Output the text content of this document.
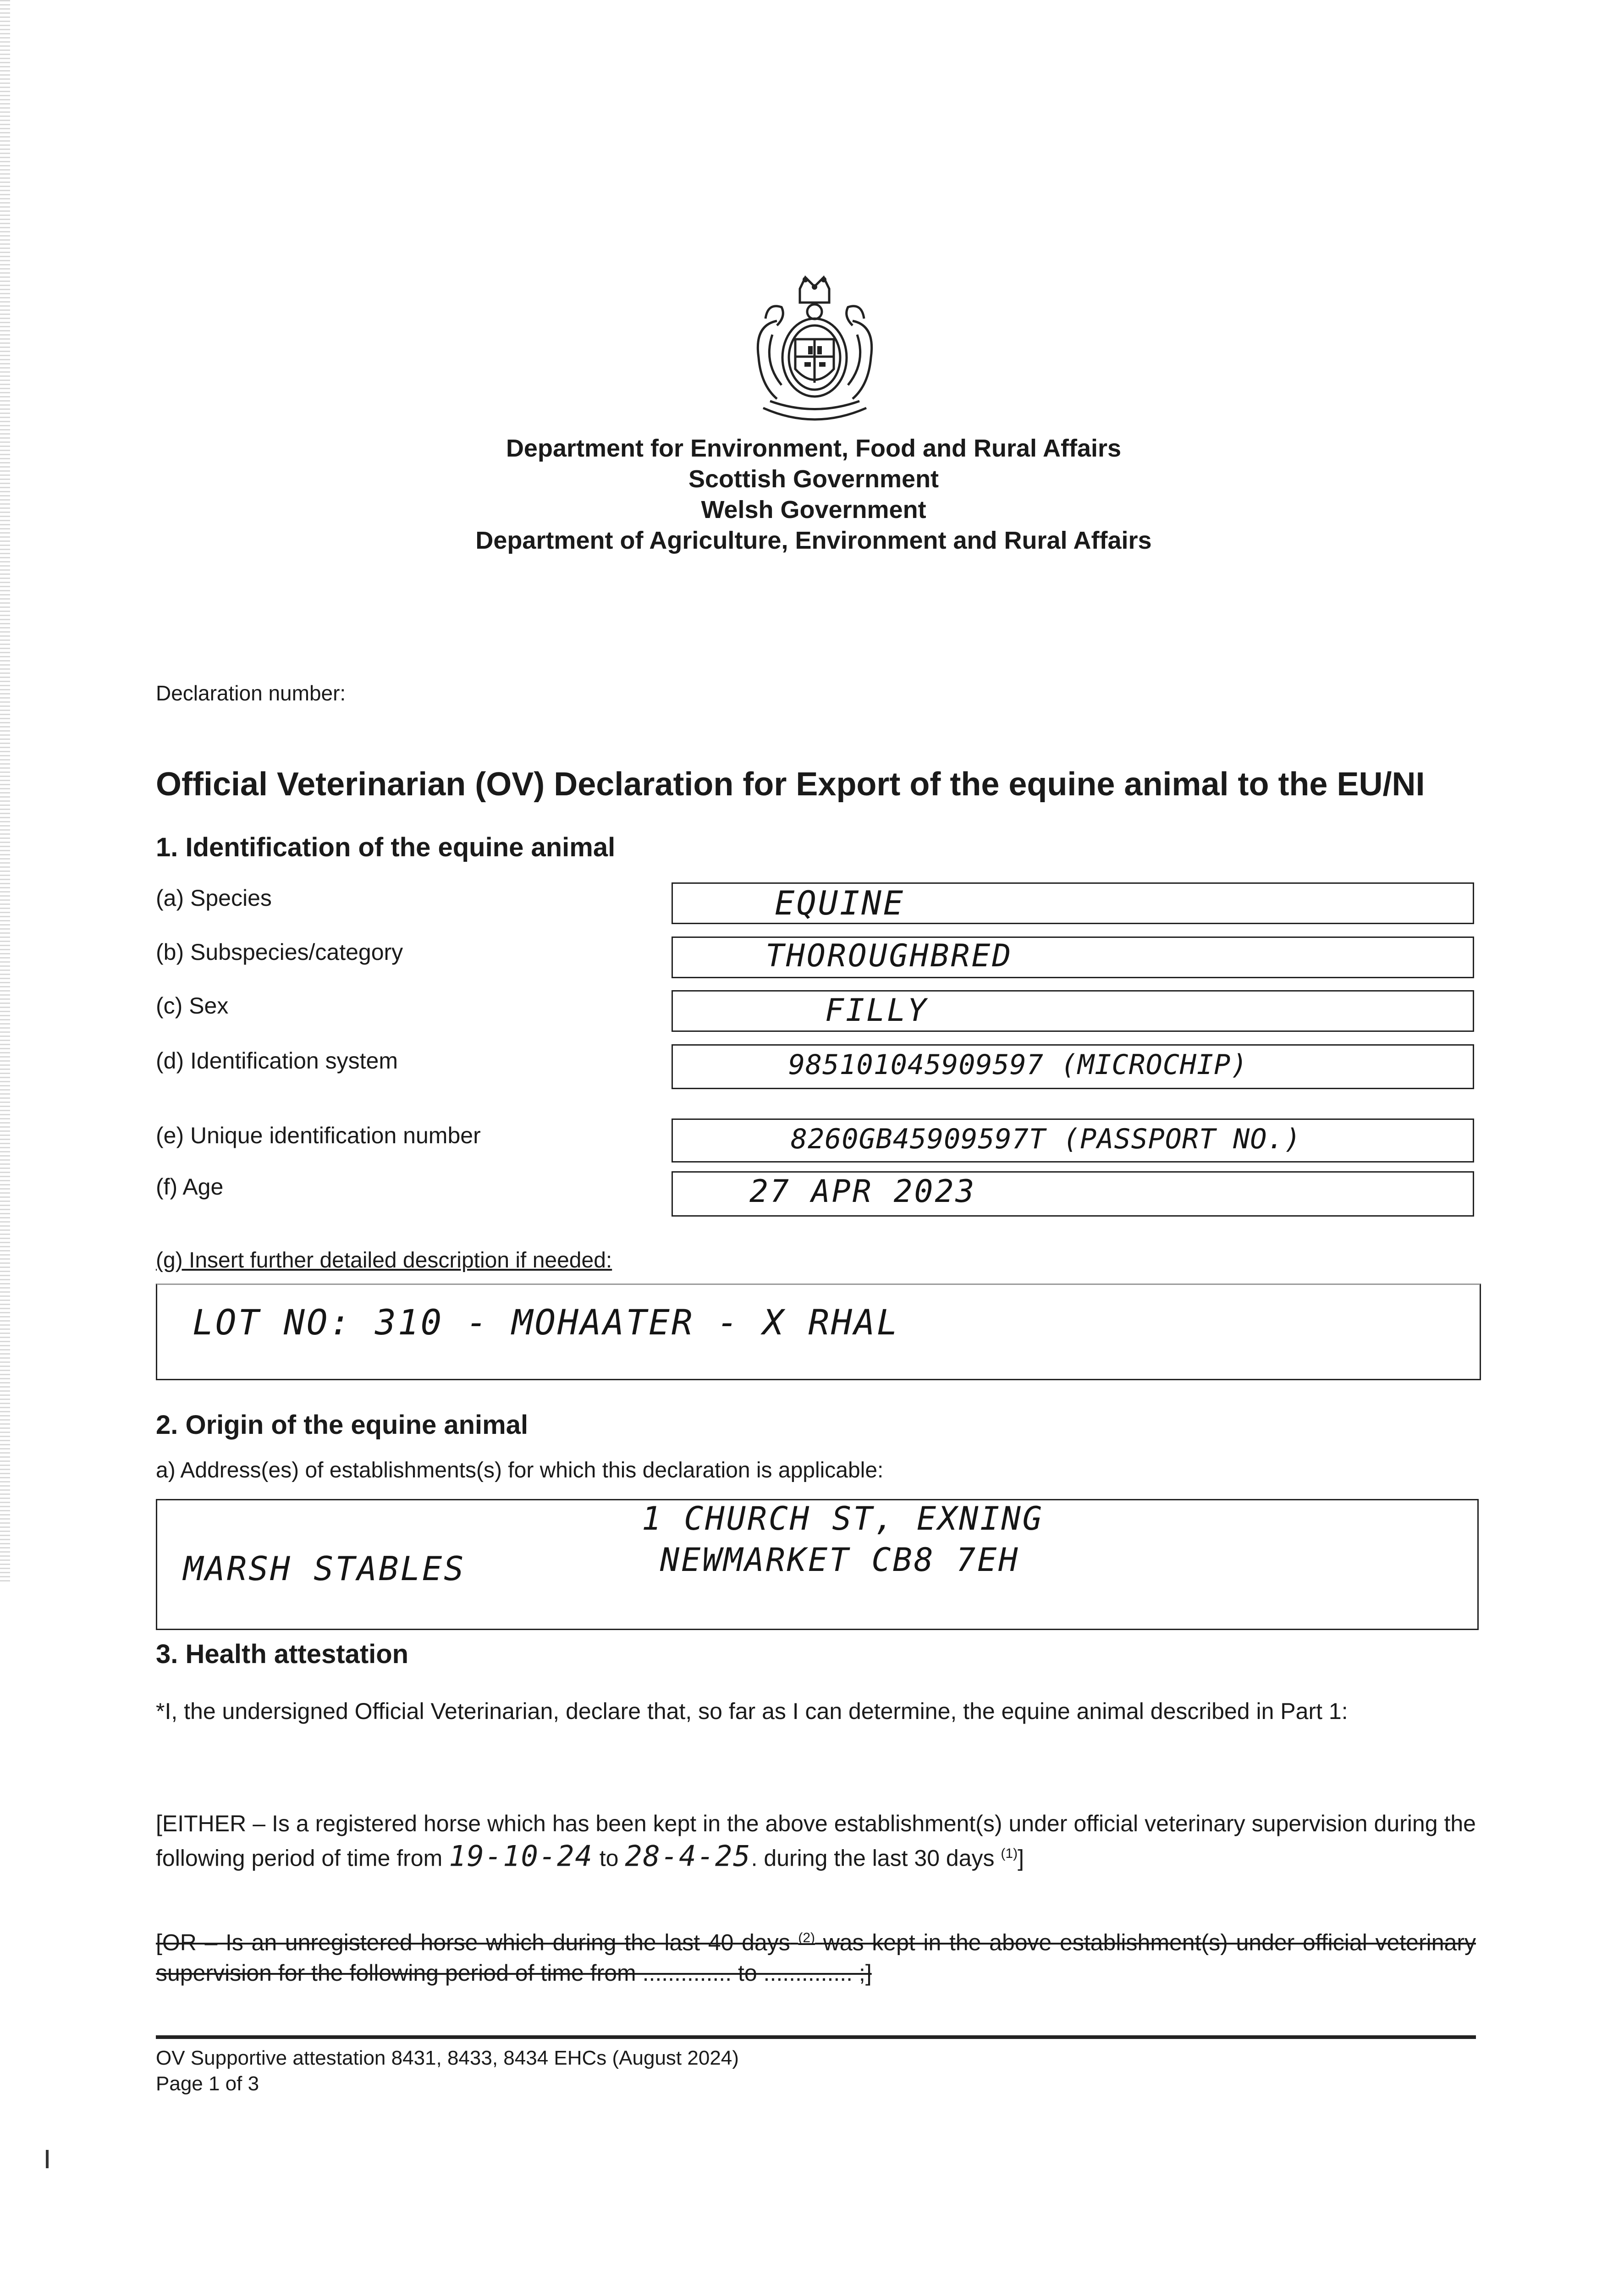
Department for Environment, Food and Rural Affairs
Scottish Government
Welsh Government
Department of Agriculture, Environment and Rural Affairs
Declaration number:
Official Veterinarian (OV) Declaration for Export of the equine animal to the EU/NI
1. Identification of the equine animal
(a) Species	EQUINE
(b) Subspecies/category	THOROUGHBRED
(c) Sex	FILLY
(d) Identification system	985101045909597 (MICROCHIP)
(e) Unique identification number	8260GB45909597T (PASSPORT NO.)
(f) Age	27 APR 2023
(g) Insert further detailed description if needed:
LOT NO: 310 - MOHAATER - X RHAL
2. Origin of the equine animal
a) Address(es) of establishments(s) for which this declaration is applicable:
MARSH STABLES
1 CHURCH ST, EXNING
NEWMARKET CB8 7EH
3. Health attestation
*I, the undersigned Official Veterinarian, declare that, so far as I can determine, the equine animal described in Part 1:
[EITHER – Is a registered horse which has been kept in the above establishment(s) under official veterinary supervision during the following period of time from 19-10-24 to 28-4-25. during the last 30 days $^{(1)}$]
[OR – Is an unregistered horse which during the last 40 days $^{(2)}$ was kept in the above establishment(s) under official veterinary supervision for the following period of time from .............. to .............. ;]
OV Supportive attestation 8431, 8433, 8434 EHCs (August 2024)
Page 1 of 3
